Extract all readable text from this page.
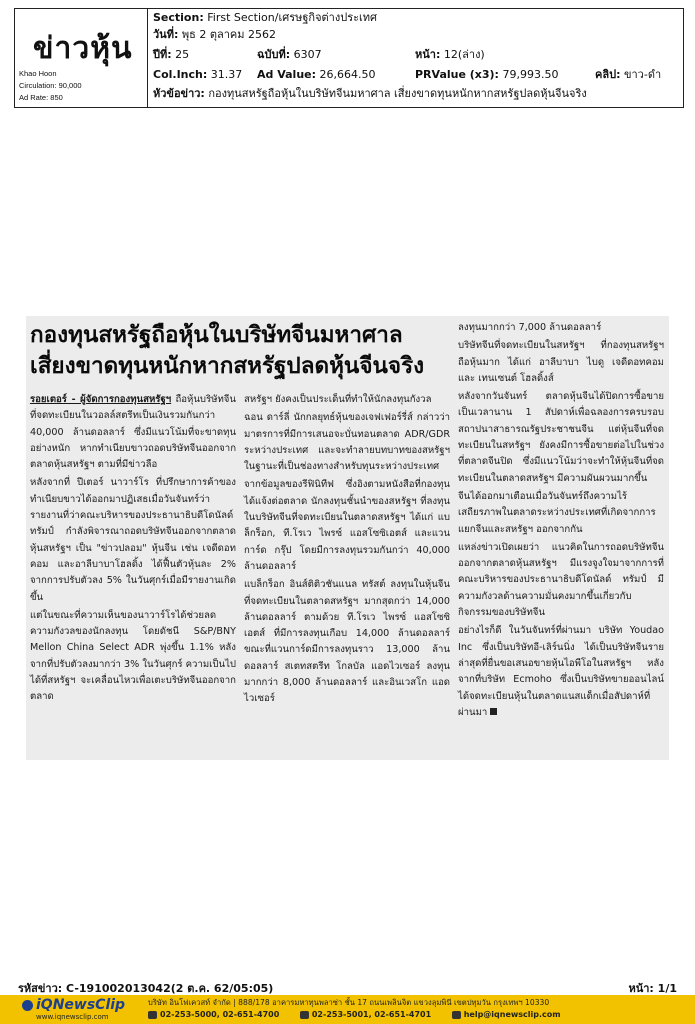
ข่าวหุ้น
Khao Hoon
Circulation: 90,000
Ad Rate: 850
Section: First Section/เศรษฐกิจต่างประเทศ
วันที่: พุธ 2 ตุลาคม 2562
ปีที่: 25	ฉบับที่: 6307	หน้า: 12(ล่าง)
Col.Inch: 31.37 Ad Value: 26,664.50	PRValue (x3): 79,993.50	คลิป: ขาว-ดำ
หัวข้อข่าว: กองทุนสหรัฐถือหุ้นในบริษัทจีนมหาศาล เสี่ยงขาดทุนหนักหากสหรัฐปลดหุ้นจีนจริง
กองทุนสหรัฐถือหุ้นในบริษัทจีนมหาศาล
เสี่ยงขาดทุนหนักหากสหรัฐปลดหุ้นจีนจริง

รอยเตอร์ - ผู้จัดการกองทุนสหรัฐฯ ถือหุ้นบริษัทจีนที่จดทะเบียนในวอลล์สตรีทเป็นเงินรวมกันกว่า 40,000 ล้านดอลลาร์ ซึ่งมีแนวโน้มที่จะขาดทุนอย่างหนัก หากทำเนียบขาวถอดบริษัทจีนออกจากตลาดหุ้นสหรัฐฯ ตามที่มีข่าวลือ

หลังจากที่ ปีเตอร์ นาวาร์โร ที่ปรึกษาการค้าของทำเนียบขาวได้ออกมาปฏิเสธเมื่อวันจันทร์ว่า รายงานที่ว่าคณะบริหารของประธานาธิบดีโดนัลด์ ทรัมป์ กำลังพิจารณาถอดบริษัทจีนออกจากตลาดหุ้นสหรัฐฯ เป็น "ข่าวปลอม" หุ้นจีน เช่น เจดีดอทคอม และอาลีบาบาโฮลดิ้ง ได้ฟื้นตัวหุ้นละ 2% จากการปรับตัวลง 5% ในวันศุกร์เมื่อมีรายงานเกิดขึ้น

แต่ในขณะที่ความเห็นของนาวาร์โรได้ช่วยลดความกังวลของนักลงทุน โดยดัชนี S&P/BNY Mellon China Select ADR พุ่งขึ้น 1.1% หลังจากที่ปรับตัวลงมากว่า 3% ในวันศุกร์ ความเป็นไปได้ที่สหรัฐฯ จะเคลื่อนไหวเพื่อเตะบริษัทจีนออกจากตลาด

สหรัฐฯ ยังคงเป็นประเด็นที่ทำให้นักลงทุนกังวล

ฉอน ดาร์ลี่ นักกลยุทธ์หุ้นของเจฟเฟอร์รี่ส์ กล่าวว่า มาตรการที่มีการเสนอจะบั่นทอนตลาด ADR/GDR ระหว่างประเทศ และจะทำลายบทบาทของสหรัฐฯ ในฐานะที่เป็นช่องทางสำหรับทุนระหว่างประเทศ

จากข้อมูลของรีฟินิทีฟ ซึ่งอิงตามหนังสือที่กองทุนได้แจ้งต่อตลาด นักลงทุนชั้นนำของสหรัฐฯ ที่ลงทุนในบริษัทจีนที่จดทะเบียนในตลาดสหรัฐฯ ได้แก่ แบล็กร็อก, ที.โรเว ไพรซ์ แอสโซซิเอตส์ และแวนการ์ด กรุ๊ป โดยมีการลงทุนรวมกันกว่า 40,000 ล้านดอลลาร์

แบล็กร็อก อินส์ติติวชันแนล ทรัสต์ ลงทุนในหุ้นจีนที่จดทะเบียนในตลาดสหรัฐฯ มากสุดกว่า 14,000 ล้านดอลลาร์ ตามด้วย ที.โรเว ไพรซ์ แอสโซซิเอตส์ ที่มีการลงทุนเกือบ 14,000 ล้านดอลลาร์ ขณะที่แวนการ์ดมีการลงทุนราว 13,000 ล้านดอลลาร์ สเตทสตรีท โกลบัล แอดไวเซอร์ ลงทุนมากกว่า 8,000 ล้านดอลลาร์ และอินเวสโก แอดไวเซอร์

ลงทุนมากกว่า 7,000 ล้านดอลลาร์

บริษัทจีนที่จดทะเบียนในสหรัฐฯ ที่กองทุนสหรัฐฯ ถือหุ้นมาก ได้แก่ อาลีบาบา ไบดู เจดีดอทคอม และ เทนเซนต์ โฮลดิ้งส์

หลังจากวันจันทร์ ตลาดหุ้นจีนได้ปิดการซื้อขายเป็นเวลานาน 1 สัปดาห์เพื่อฉลองการครบรอบสถาปนาสาธารณรัฐประชาชนจีน แต่หุ้นจีนที่จดทะเบียนในสหรัฐฯ ยังคงมีการซื้อขายต่อไปในช่วงที่ตลาดจีนปิด ซึ่งมีแนวโน้มว่าจะทำให้หุ้นจีนที่จดทะเบียนในตลาดสหรัฐฯ มีความผันผวนมากขึ้น

จีนได้ออกมาเตือนเมื่อวันจันทร์ถึงความไร้เสถียรภาพในตลาดระหว่างประเทศที่เกิดจากการแยกจีนและสหรัฐฯ ออกจากกัน

แหล่งข่าวเปิดเผยว่า แนวคิดในการถอดบริษัทจีนออกจากตลาดหุ้นสหรัฐฯ มีแรงจูงใจมาจากการที่คณะบริหารของประธานาธิบดีโดนัลด์ ทรัมป์ มีความกังวลด้านความมั่นคงมากขึ้นเกี่ยวกับกิจกรรมของบริษัทจีน

อย่างไรก็ดี ในวันจันทร์ที่ผ่านมา บริษัท Youdao Inc ซึ่งเป็นบริษัทอี-เลิร์นนิ่ง ได้เป็นบริษัทจีนรายล่าสุดที่ยื่นขอเสนอขายหุ้นไอพีโอในสหรัฐฯ หลังจากที่บริษัท Ecmoho ซึ่งเป็นบริษัทขายออนไลน์ได้จดทะเบียนหุ้นในตลาดแนสแด็กเมื่อสัปดาห์ที่ผ่านมา

รหัสข่าว: C-191002013042(2 ต.ค. 62/05:05)	หน้า: 1/1
iQNewsClip
www.iqnewsclip.com
บริษัท อินโฟเควสท์ จำกัด | 888/178 อาคารมหาทุนพลาซ่า ชั้น 17 ถนนเพลินจิต แขวงลุมพินี เขตปทุมวัน กรุงเทพฯ 10330
02-253-5000, 02-651-4700	02-253-5001, 02-651-4701	help@iqnewsclip.com
